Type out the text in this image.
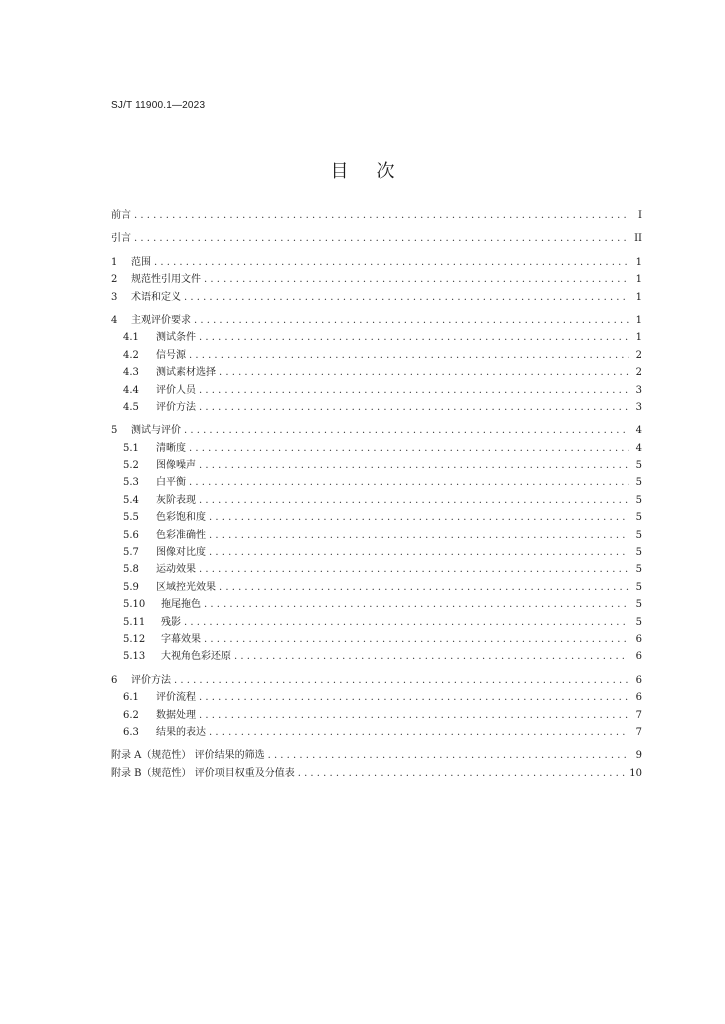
SJ/T 11900.1—2023
目次
前言 . . .	I
引言 . . .	II
1	范围 . . .	1
2	规范性引用文件 . . .	1
3	术语和定义 . . .	1
4	主观评价要求 . . .	1
4.1	测试条件 . . .	1
4.2	信号源 . . .	2
4.3	测试素材选择 . . .	2
4.4	评价人员 . . .	3
4.5	评价方法 . . .	3
5	测试与评价 . . .	4
5.1	清晰度 . . .	4
5.2	图像噪声 . . .	5
5.3	白平衡 . . .	5
5.4	灰阶表现 . . .	5
5.5	色彩饱和度 . . .	5
5.6	色彩准确性 . . .	5
5.7	图像对比度 . . .	5
5.8	运动效果 . . .	5
5.9	区域控光效果 . . .	5
5.10	拖尾拖色 . . .	5
5.11	残影 . . .	5
5.12	字幕效果 . . .	6
5.13	大视角色彩还原 . . .	6
6	评价方法 . . .	6
6.1	评价流程 . . .	6
6.2	数据处理 . . .	7
6.3	结果的表达 . . .	7
附录 A（规范性） 评价结果的筛选 . . .	9
附录 B（规范性） 评价项目权重及分值表 . . .	10
